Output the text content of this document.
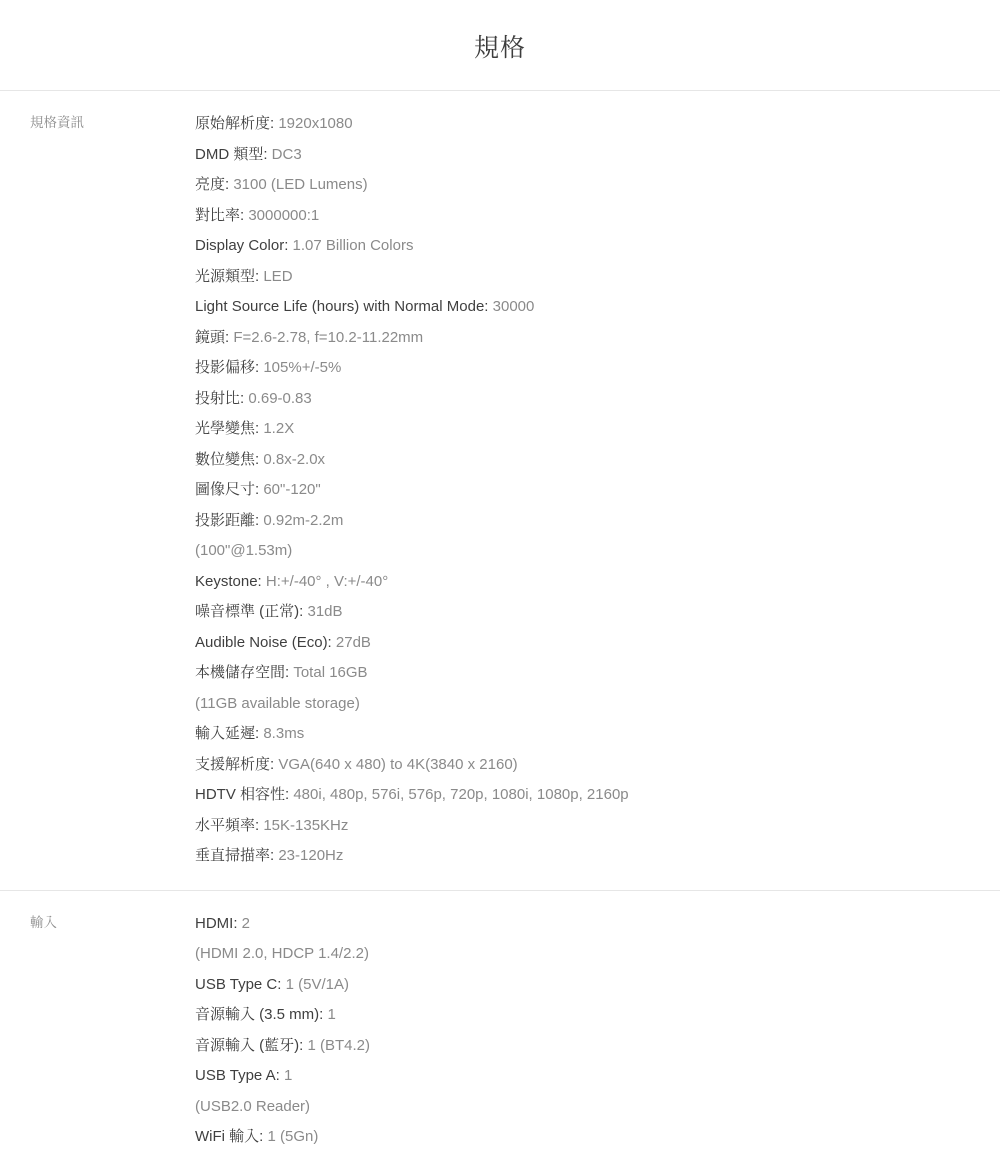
規格
規格資訊	原始解析度: 1920x1080
DMD 類型: DC3
亮度: 3100 (LED Lumens)
對比率: 3000000:1
Display Color: 1.07 Billion Colors
光源類型: LED
Light Source Life (hours) with Normal Mode: 30000
鏡頭: F=2.6-2.78, f=10.2-11.22mm
投影偏移: 105%+/-5%
投射比: 0.69-0.83
光學變焦: 1.2X
數位變焦: 0.8x-2.0x
圖像尺寸: 60"-120"
投影距離: 0.92m-2.2m
(100"@1.53m)
Keystone: H:+/-40° , V:+/-40°
噪音標準 (正常): 31dB
Audible Noise (Eco): 27dB
本機儲存空間: Total 16GB
(11GB available storage)
輸入延遲: 8.3ms
支援解析度: VGA(640 x 480) to 4K(3840 x 2160)
HDTV 相容性: 480i, 480p, 576i, 576p, 720p, 1080i, 1080p, 2160p
水平頻率: 15K-135KHz
垂直掃描率: 23-120Hz
輸入	HDMI: 2
(HDMI 2.0, HDCP 1.4/2.2)
USB Type C: 1 (5V/1A)
音源輸入 (3.5 mm): 1
音源輸入 (藍牙): 1 (BT4.2)
USB Type A: 1
(USB2.0 Reader)
WiFi 輸入: 1 (5Gn)
